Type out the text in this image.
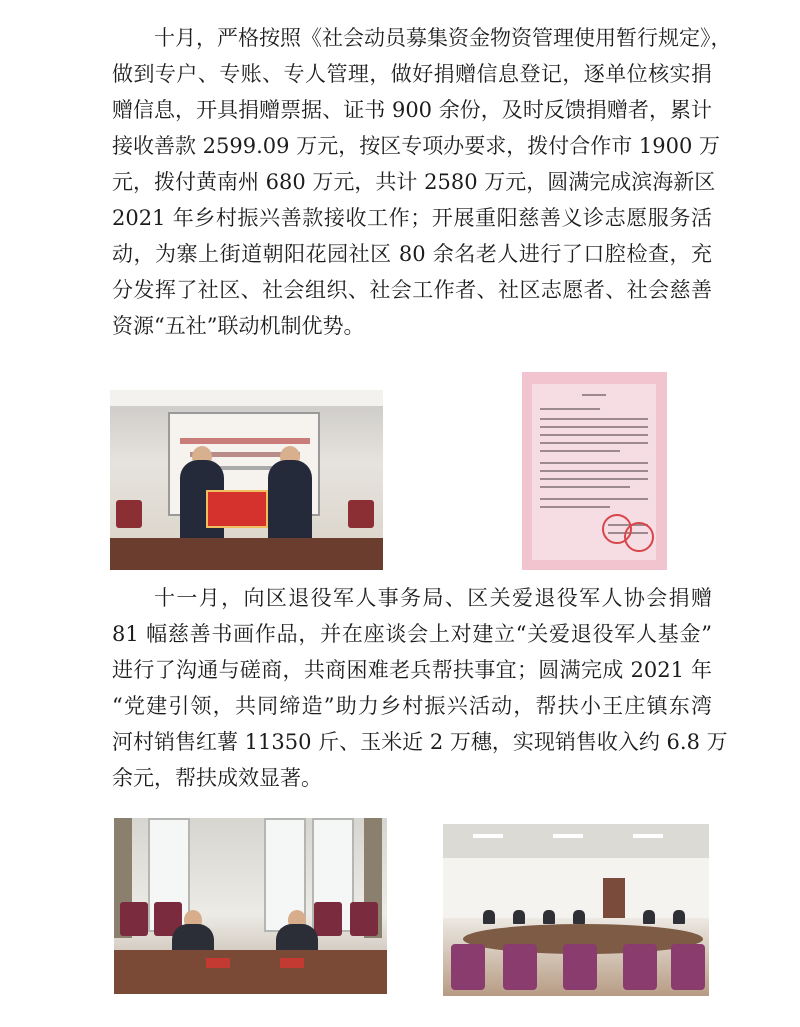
十月，严格按照《社会动员募集资金物资管理使用暂行规定》，
做到专户、专账、专人管理，做好捐赠信息登记，逐单位核实捐
赠信息，开具捐赠票据、证书 900 余份，及时反馈捐赠者，累计
接收善款 2599.09 万元，按区专项办要求，拨付合作市 1900 万
元，拨付黄南州 680 万元，共计 2580 万元，圆满完成滨海新区
2021 年乡村振兴善款接收工作；开展重阳慈善义诊志愿服务活
动，为寨上街道朝阳花园社区 80 余名老人进行了口腔检查，充
分发挥了社区、社会组织、社会工作者、社区志愿者、社会慈善
资源“五社”联动机制优势。
十一月，向区退役军人事务局、区关爱退役军人协会捐赠
81 幅慈善书画作品，并在座谈会上对建立“关爱退役军人基金”
进行了沟通与磋商，共商困难老兵帮扶事宜；圆满完成 2021 年
“党建引领，共同缔造”助力乡村振兴活动，帮扶小王庄镇东湾
河村销售红薯 11350 斤、玉米近 2 万穗，实现销售收入约 6.8 万
余元，帮扶成效显著。
